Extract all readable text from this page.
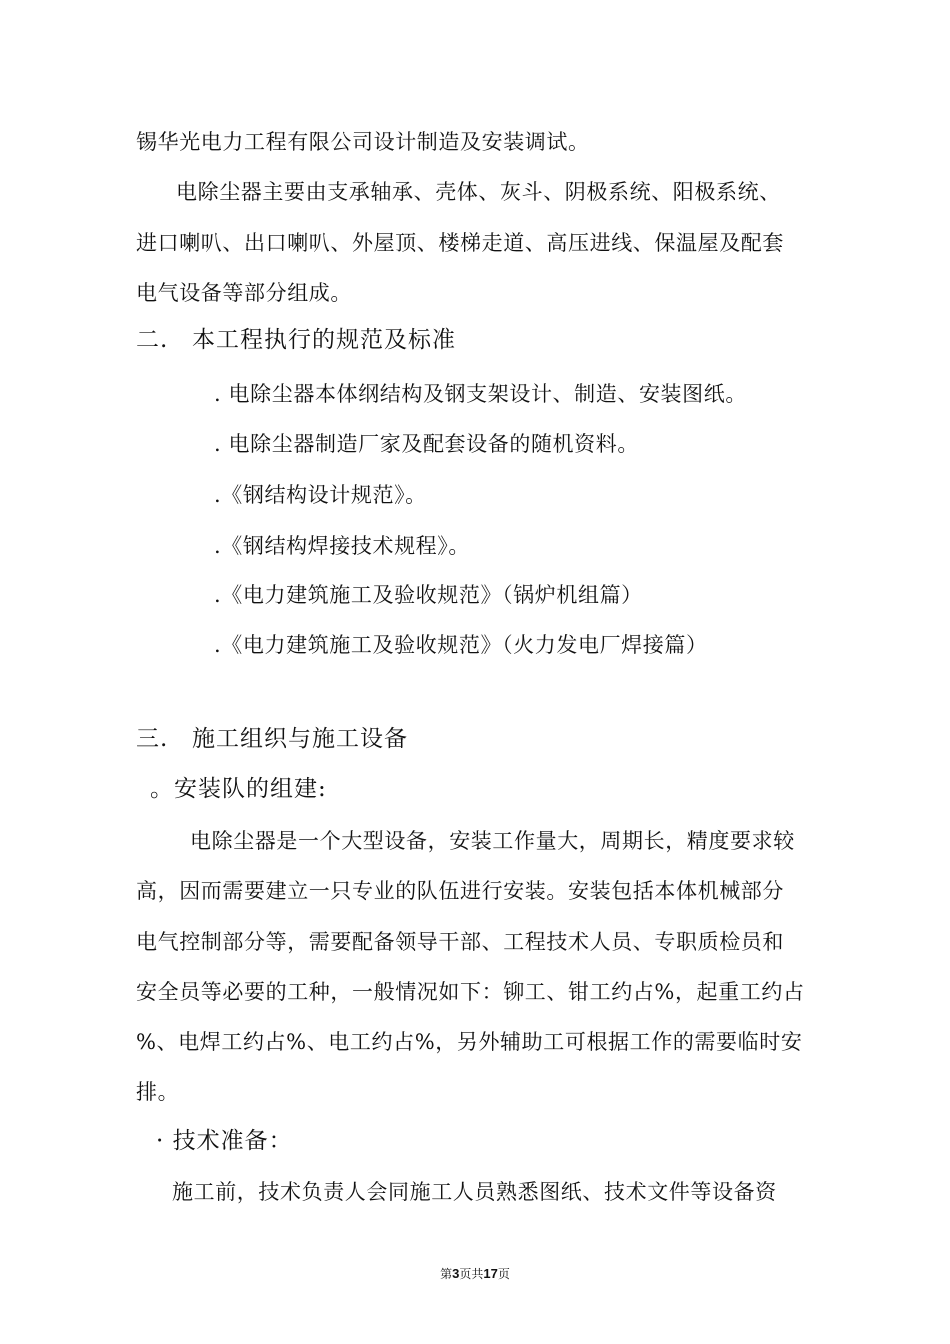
锡华光电力工程有限公司设计制造及安装调试。
电除尘器主要由支承轴承、壳体、灰斗、阴极系统、阳极系统、
进口喇叭、出口喇叭、外屋顶、楼梯走道、高压进线、保温屋及配套
电气设备等部分组成。
二. 本工程执行的规范及标准
. 电除尘器本体纲结构及钢支架设计、制造、安装图纸。
. 电除尘器制造厂家及配套设备的随机资料。
.《钢结构设计规范》。
.《钢结构焊接技术规程》。
.《电力建筑施工及验收规范》（锅炉机组篇）
.《电力建筑施工及验收规范》（火力发电厂焊接篇）
三. 施工组织与施工设备
。安装队的组建:
电除尘器是一个大型设备，安装工作量大，周期长，精度要求较
高，因而需要建立一只专业的队伍进行安装。安装包括本体机械部分
电气控制部分等，需要配备领导干部、工程技术人员、专职质检员和
安全员等必要的工种，一般情况如下：铆工、钳工约占%，起重工约占
%、电焊工约占%、电工约占%，另外辅助工可根据工作的需要临时安
排。
· 技术准备：
施工前，技术负责人会同施工人员熟悉图纸、技术文件等设备资
第3页共17页
